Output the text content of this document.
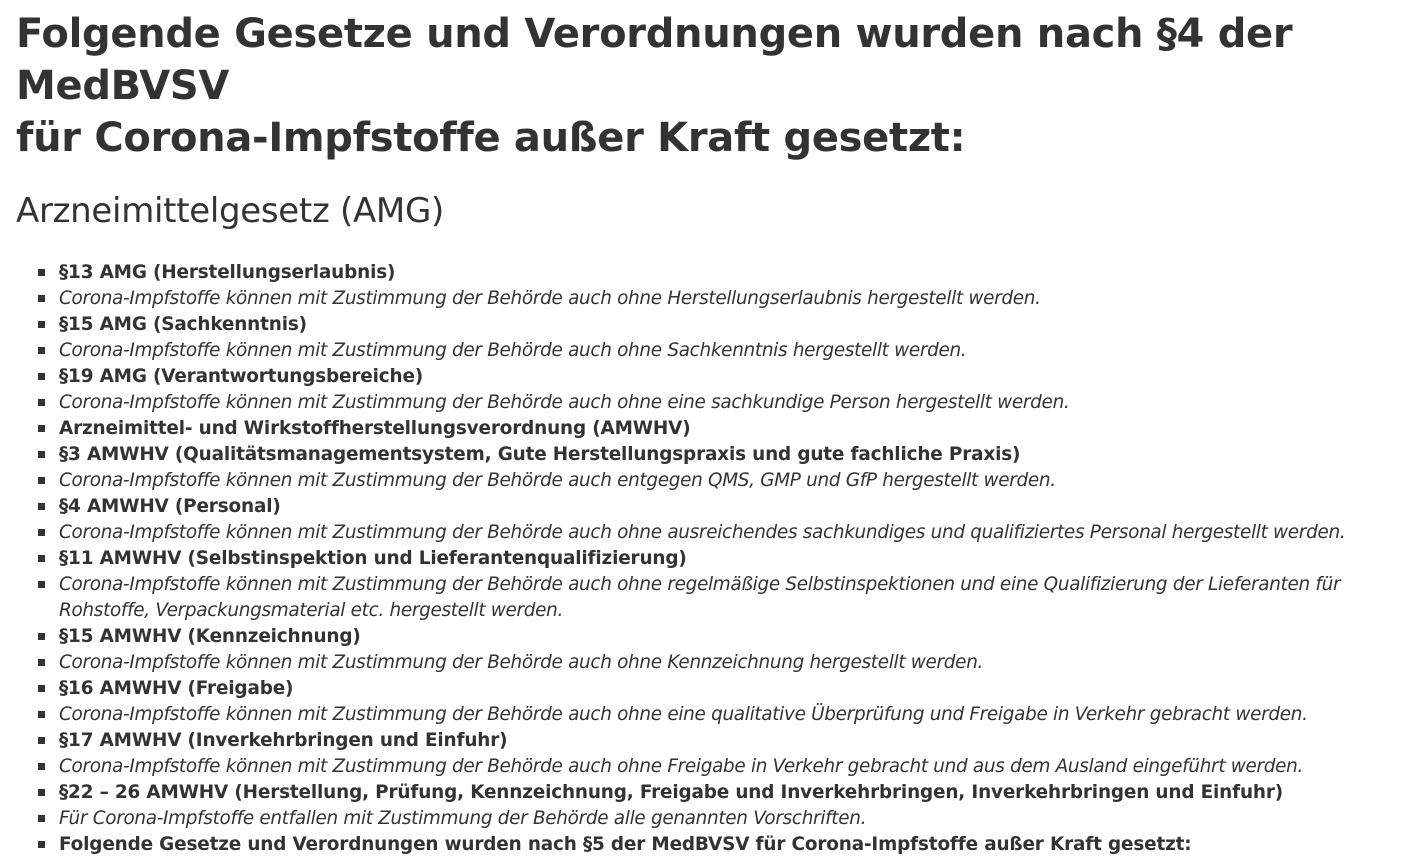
Folgende Gesetze und Verordnungen wurden nach §4 der MedBVSV
für Corona-Impfstoffe außer Kraft gesetzt:
Arzneimittelgesetz (AMG)
§13 AMG (Herstellungserlaubnis)
Corona-Impfstoffe können mit Zustimmung der Behörde auch ohne Herstellungserlaubnis hergestellt werden.
§15 AMG (Sachkenntnis)
Corona-Impfstoffe können mit Zustimmung der Behörde auch ohne Sachkenntnis hergestellt werden.
§19 AMG (Verantwortungsbereiche)
Corona-Impfstoffe können mit Zustimmung der Behörde auch ohne eine sachkundige Person hergestellt werden.
Arzneimittel- und Wirkstoffherstellungsverordnung (AMWHV)
§3 AMWHV (Qualitätsmanagementsystem, Gute Herstellungspraxis und gute fachliche Praxis)
Corona-Impfstoffe können mit Zustimmung der Behörde auch entgegen QMS, GMP und GfP hergestellt werden.
§4 AMWHV (Personal)
Corona-Impfstoffe können mit Zustimmung der Behörde auch ohne ausreichendes sachkundiges und qualifiziertes Personal hergestellt werden.
§11 AMWHV (Selbstinspektion und Lieferantenqualifizierung)
Corona-Impfstoffe können mit Zustimmung der Behörde auch ohne regelmäßige Selbstinspektionen und eine Qualifizierung der Lieferanten für Rohstoffe, Verpackungsmaterial etc. hergestellt werden.
§15 AMWHV (Kennzeichnung)
Corona-Impfstoffe können mit Zustimmung der Behörde auch ohne Kennzeichnung hergestellt werden.
§16 AMWHV (Freigabe)
Corona-Impfstoffe können mit Zustimmung der Behörde auch ohne eine qualitative Überprüfung und Freigabe in Verkehr gebracht werden.
§17 AMWHV (Inverkehrbringen und Einfuhr)
Corona-Impfstoffe können mit Zustimmung der Behörde auch ohne Freigabe in Verkehr gebracht und aus dem Ausland eingeführt werden.
§22 – 26 AMWHV (Herstellung, Prüfung, Kennzeichnung, Freigabe und Inverkehrbringen, Inverkehrbringen und Einfuhr)
Für Corona-Impfstoffe entfallen mit Zustimmung der Behörde alle genannten Vorschriften.
Folgende Gesetze und Verordnungen wurden nach §5 der MedBVSV für Corona-Impfstoffe außer Kraft gesetzt:
